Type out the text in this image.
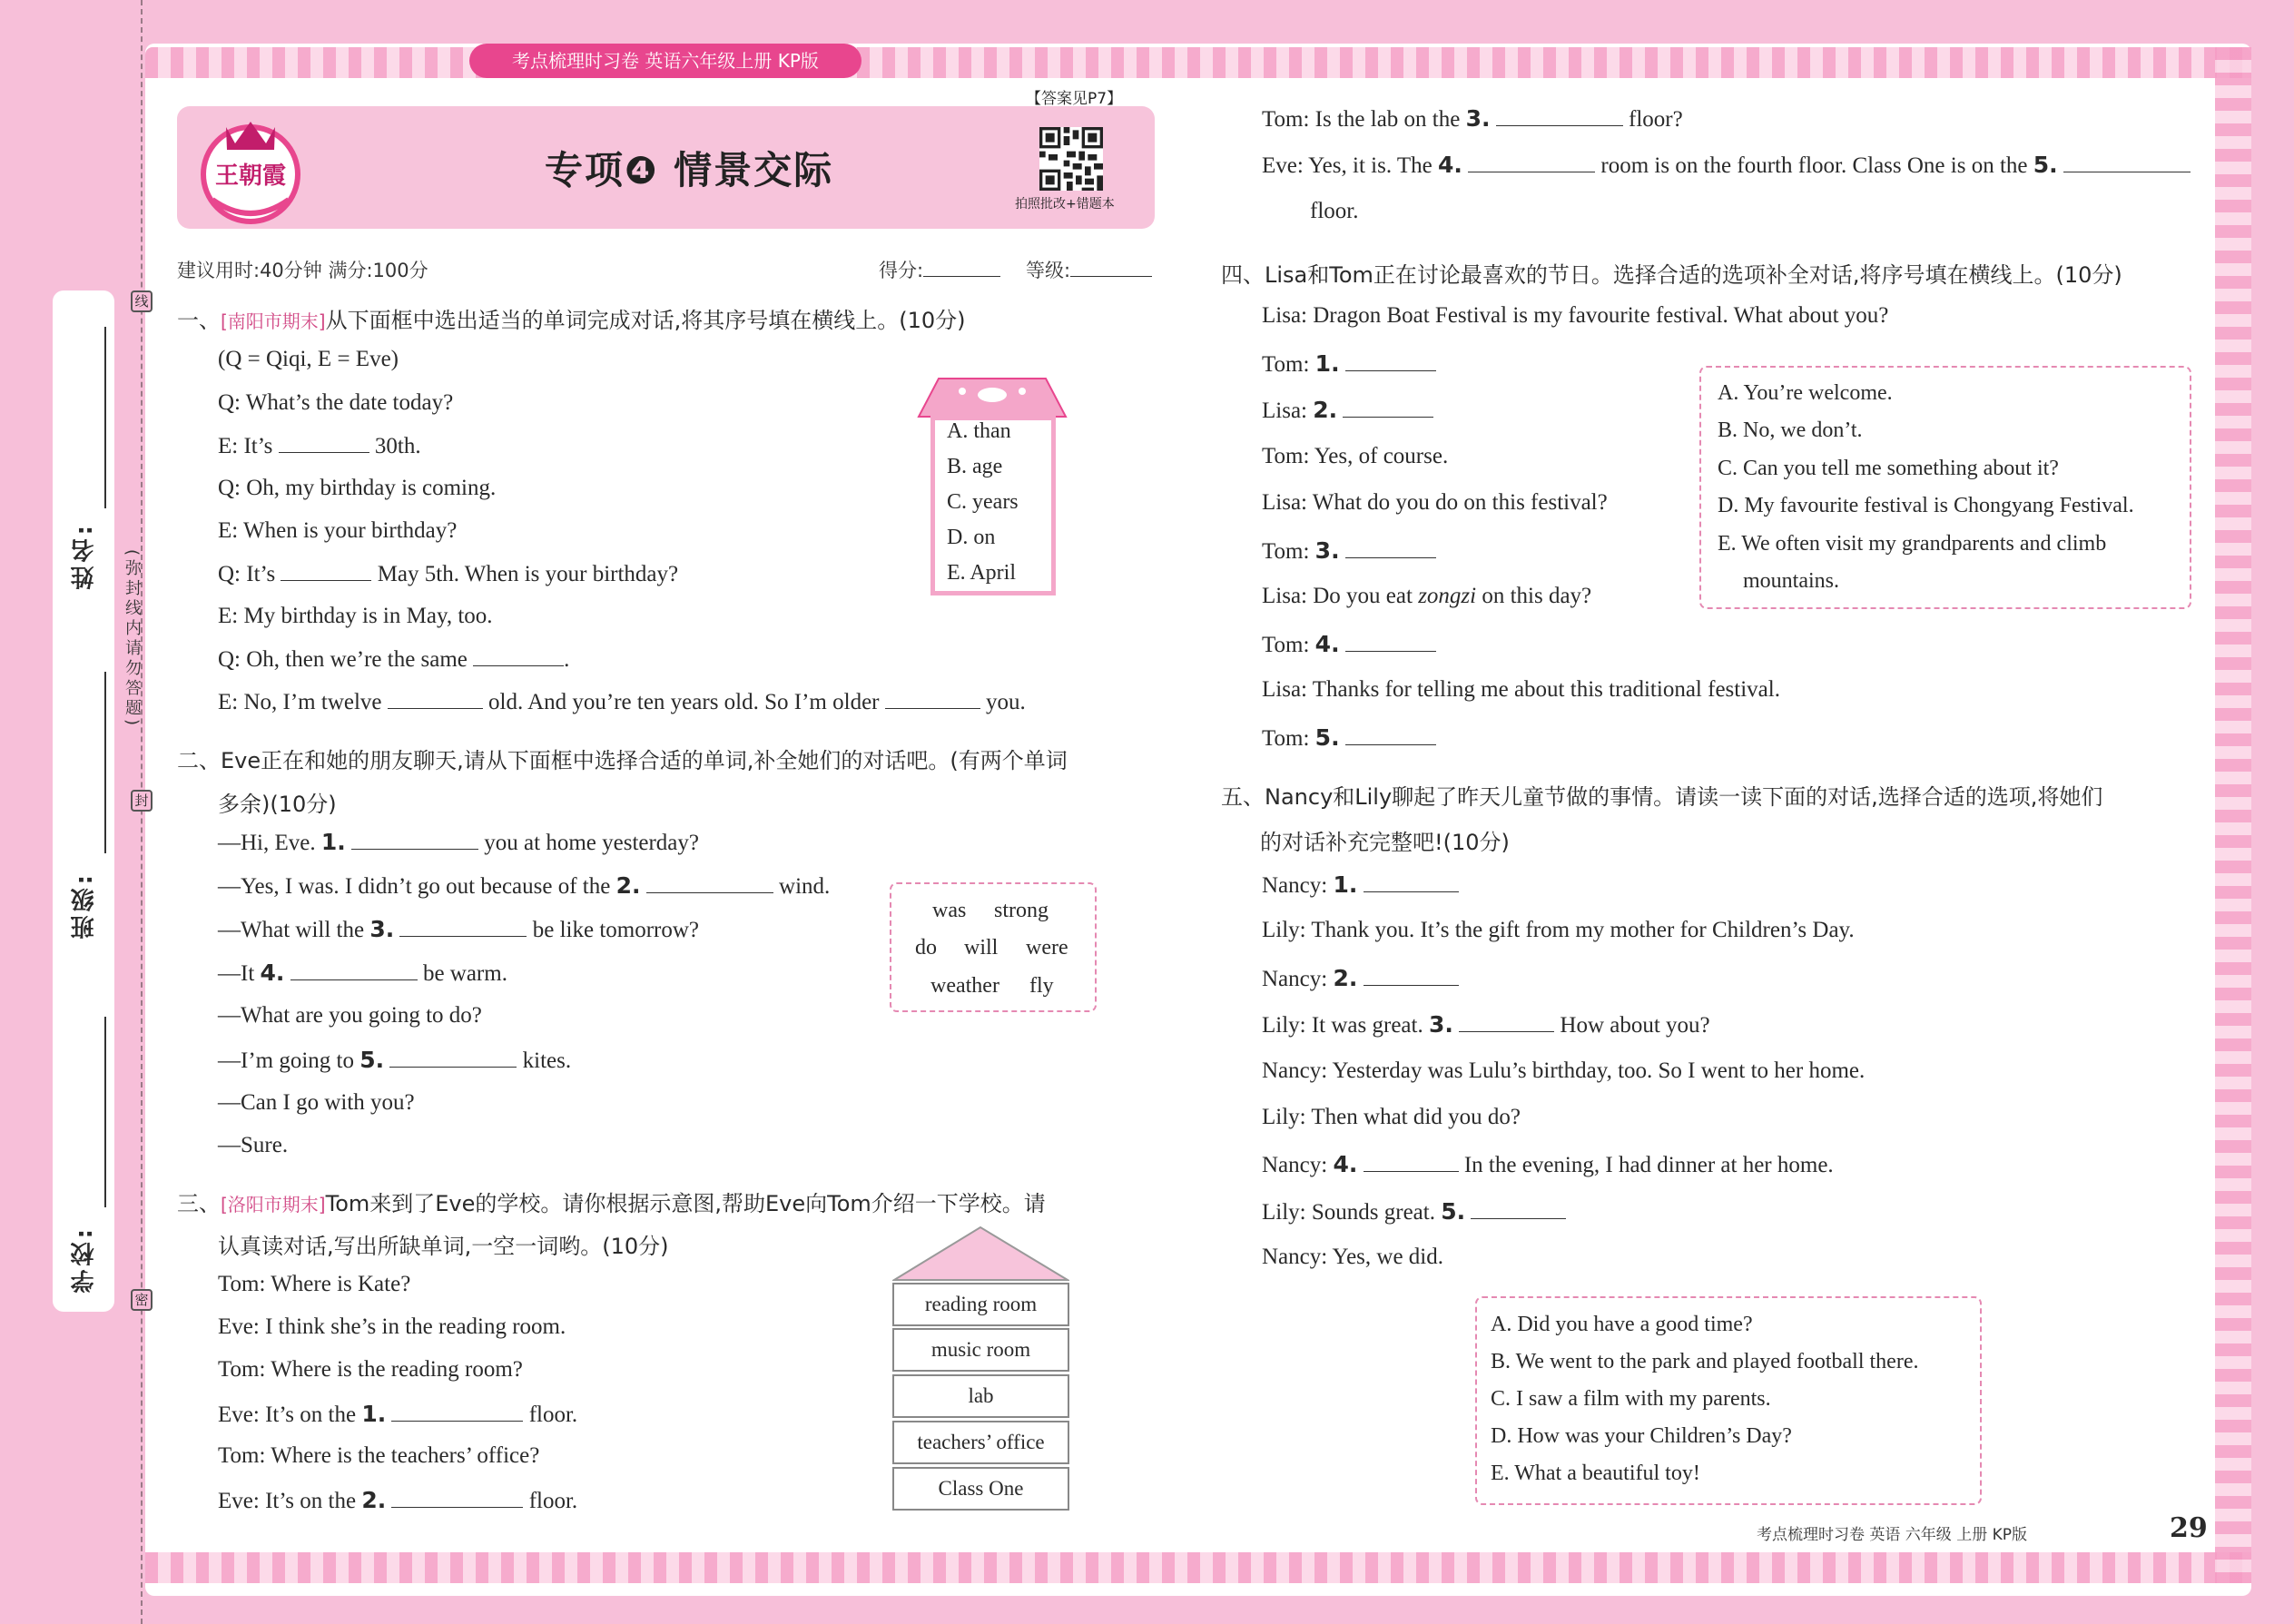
姓名:
班级:
学校:
线
封
密
(弥封线内请勿答题)
考点梳理时习卷 英语六年级上册 KP版
王朝霞
【答案见P7】
专项❹ 情景交际
拍照批改+错题本
建议用时:40分钟 满分:100分	得分:	等级:
一、[南阳市期末]从下面框中选出适当的单词完成对话,将其序号填在横线上。(10分)
(Q = Qiqi, E = Eve)
Q: What’s the date today?
E: It’s	30th.
Q: Oh, my birthday is coming.
E: When is your birthday?
Q: It’s	May 5th. When is your birthday?
E: My birthday is in May, too.
Q: Oh, then we’re the same	.
E: No, I’m twelve	old. And you’re ten years old. So I’m older	you.
A. than
B. age
C. years
D. on
E. April
二、Eve正在和她的朋友聊天,请从下面框中选择合适的单词,补全她们的对话吧。(有两个单词
多余)(10分)
—Hi, Eve. 1.	you at home yesterday?
—Yes, I was. I didn’t go out because of the 2.	wind.
—What will the 3.	be like tomorrow?
—It 4.	be warm.
—What are you going to do?
—I’m going to 5.	kites.
—Can I go with you?
—Sure.
was strong
do will were
weather fly
三、[洛阳市期末]Tom来到了Eve的学校。请你根据示意图,帮助Eve向Tom介绍一下学校。请
认真读对话,写出所缺单词,一空一词哟。(10分)
Tom: Where is Kate?
Eve: I think she’s in the reading room.
Tom: Where is the reading room?
Eve: It’s on the 1.	floor.
Tom: Where is the teachers’ office?
Eve: It’s on the 2.	floor.
reading room
music room
lab
teachers’ office
Class One
Tom: Is the lab on the 3.	floor?
Eve: Yes, it is. The 4.	room is on the fourth floor. Class One is on the 5.
floor.
四、Lisa和Tom正在讨论最喜欢的节日。选择合适的选项补全对话,将序号填在横线上。(10分)
Lisa: Dragon Boat Festival is my favourite festival. What about you?
Tom: 1.
Lisa: 2.
Tom: Yes, of course.
Lisa: What do you do on this festival?
Tom: 3.
Lisa: Do you eat zongzi on this day?
Tom: 4.
Lisa: Thanks for telling me about this traditional festival.
Tom: 5.
A. You’re welcome.
B. No, we don’t.
C. Can you tell me something about it?
D. My favourite festival is Chongyang Festival.
E. We often visit my grandparents and climb
mountains.
五、Nancy和Lily聊起了昨天儿童节做的事情。请读一读下面的对话,选择合适的选项,将她们
的对话补充完整吧!(10分)
Nancy: 1.
Lily: Thank you. It’s the gift from my mother for Children’s Day.
Nancy: 2.
Lily: It was great. 3.	How about you?
Nancy: Yesterday was Lulu’s birthday, too. So I went to her home.
Lily: Then what did you do?
Nancy: 4.	In the evening, I had dinner at her home.
Lily: Sounds great. 5.
Nancy: Yes, we did.
A. Did you have a good time?
B. We went to the park and played football there.
C. I saw a film with my parents.
D. How was your Children’s Day?
E. What a beautiful toy!
考点梳理时习卷 英语 六年级 上册 KP版	29
